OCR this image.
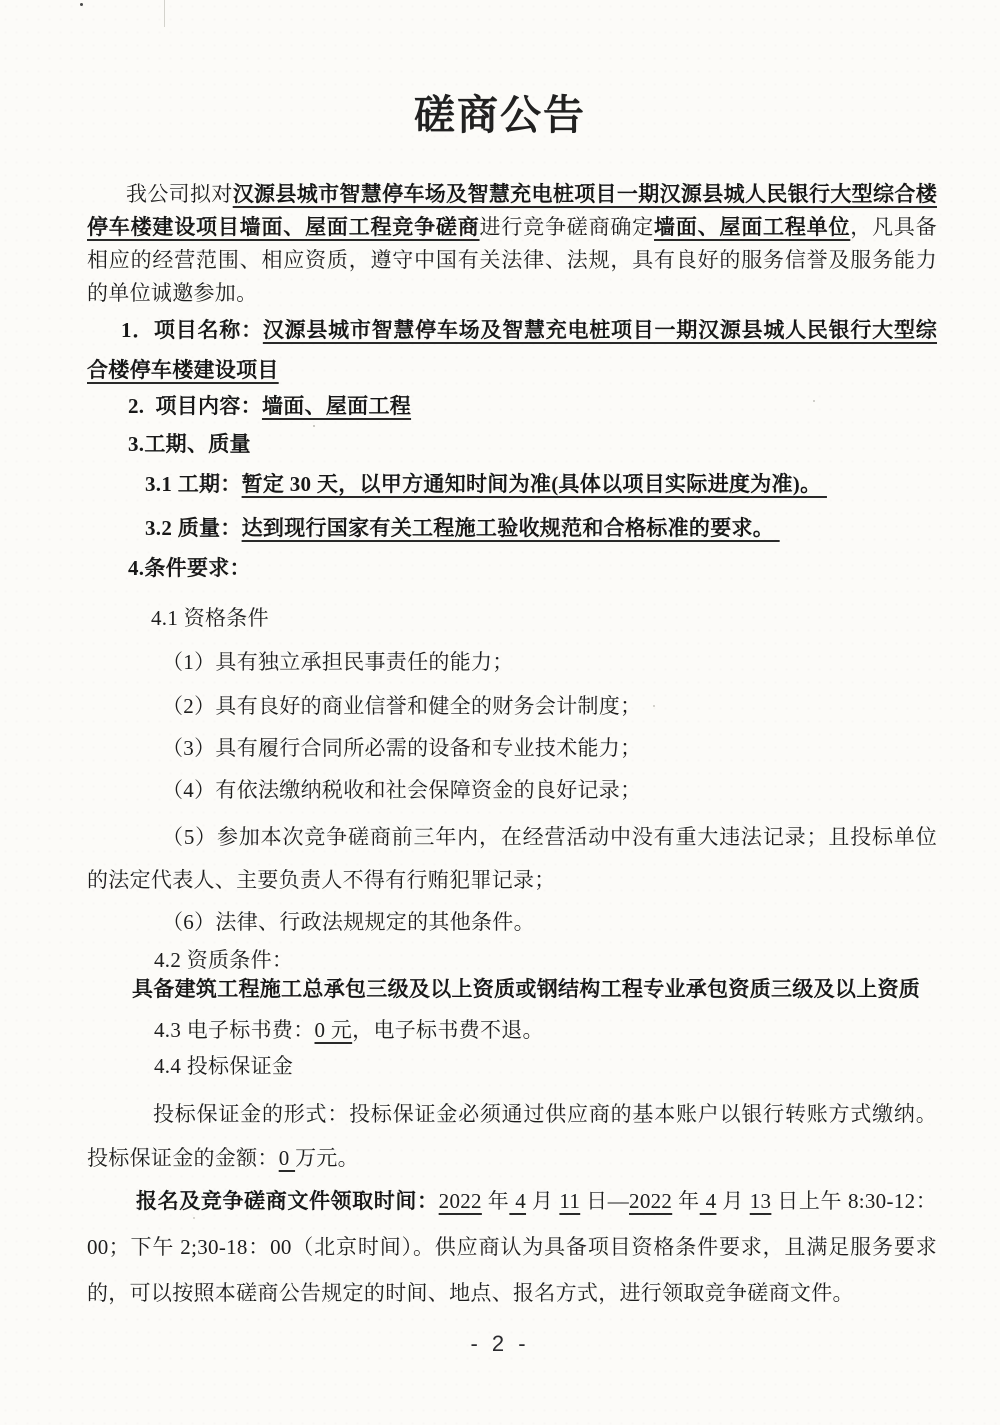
磋商公告

我公司拟对汉源县城市智慧停车场及智慧充电桩项目一期汉源县城人民银行大型综合楼停车楼建设项目墙面、屋面工程竞争磋商进行竞争磋商确定墙面、屋面工程单位，凡具备相应的经营范围、相应资质，遵守中国有关法律、法规，具有良好的服务信誉及服务能力的单位诚邀参加。

1．项目名称：汉源县城市智慧停车场及智慧充电桩项目一期汉源县城人民银行大型综合楼停车楼建设项目

2.  项目内容：墙面、屋面工程

3.工期、质量

3.1 工期：暂定 30 天，以甲方通知时间为准(具体以项目实际进度为准)。

3.2 质量：达到现行国家有关工程施工验收规范和合格标准的要求。

4.条件要求：

4.1 资格条件

（1）具有独立承担民事责任的能力；

（2）具有良好的商业信誉和健全的财务会计制度；

（3）具有履行合同所必需的设备和专业技术能力；

（4）有依法缴纳税收和社会保障资金的良好记录；

（5）参加本次竞争磋商前三年内，在经营活动中没有重大违法记录；且投标单位的法定代表人、主要负责人不得有行贿犯罪记录；

（6）法律、行政法规规定的其他条件。

4.2 资质条件：

具备建筑工程施工总承包三级及以上资质或钢结构工程专业承包资质三级及以上资质

4.3 电子标书费：0 元，电子标书费不退。

4.4 投标保证金

投标保证金的形式：投标保证金必须通过供应商的基本账户以银行转账方式缴纳。投标保证金的金额：0 万元。

报名及竞争磋商文件领取时间：2022 年 4 月 11 日—2022 年 4 月 13 日上午 8:30-12：00；下午 2;30-18：00（北京时间）。供应商认为具备项目资格条件要求，且满足服务要求的，可以按照本磋商公告规定的时间、地点、报名方式，进行领取竞争磋商文件。

- 2 -
